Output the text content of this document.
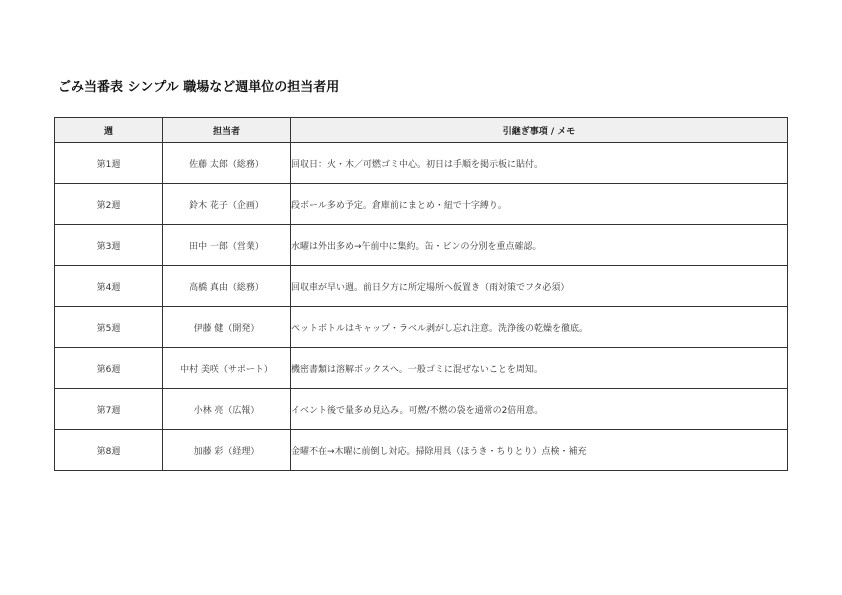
ごみ当番表 シンプル 職場など週単位の担当者用
週	担当者	引継ぎ事項 / メモ
第1週	佐藤 太郎（総務）	回収日：火・木／可燃ゴミ中心。初日は手順を掲示板に貼付。
第2週	鈴木 花子（企画）	段ボール多め予定。倉庫前にまとめ・紐で十字縛り。
第3週	田中 一郎（営業）	水曜は外出多め→午前中に集約。缶・ビンの分別を重点確認。
第4週	高橋 真由（総務）	回収車が早い週。前日夕方に所定場所へ仮置き（雨対策でフタ必須）
第5週	伊藤 健（開発）	ペットボトルはキャップ・ラベル剥がし忘れ注意。洗浄後の乾燥を徹底。
第6週	中村 美咲（サポート）	機密書類は溶解ボックスへ。一般ゴミに混ぜないことを周知。
第7週	小林 亮（広報）	イベント後で量多め見込み。可燃/不燃の袋を通常の2倍用意。
第8週	加藤 彩（経理）	金曜不在→木曜に前倒し対応。掃除用具（ほうき・ちりとり）点検・補充
